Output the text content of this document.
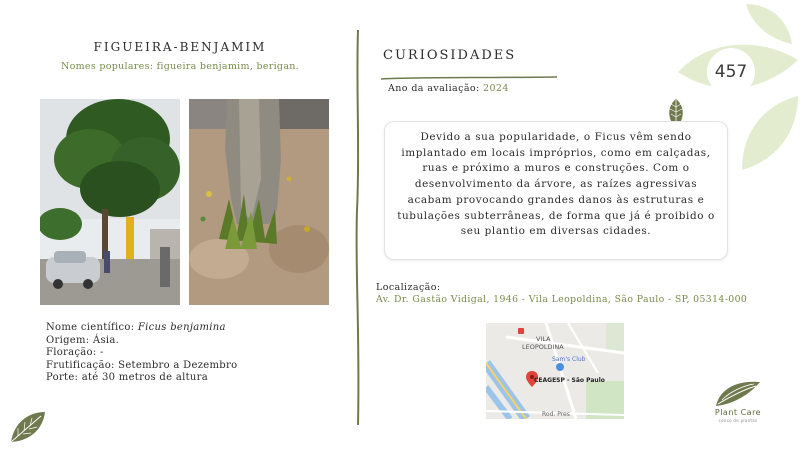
FIGUEIRA-BENJAMIM
Nomes populares: figueira benjamim, berigan.
Nome científico: Ficus benjamina
Origem: Ásia.
Floração: -
Frutificação: Setembro a Dezembro
Porte: até 30 metros de altura
CURIOSIDADES
Ano da avaliação: 2024
457
Devido a sua popularidade, o Ficus vêm sendo implantado em locais impróprios, como em calçadas, ruas e próximo a muros e construções. Com o desenvolvimento da árvore, as raízes agressivas acabam provocando grandes danos às estruturas e tubulações subterrâneas, de forma que já é proibido o seu plantio em diversas cidades.
Localização:
Av. Dr. Gastão Vidigal, 1946 - Vila Leopoldina, São Paulo - SP, 05314-000
VILA
LEOPOLDINA
Sam's Club
CEAGESP - São Paulo
Rod. Pres	Plant Care
censo de plantas
